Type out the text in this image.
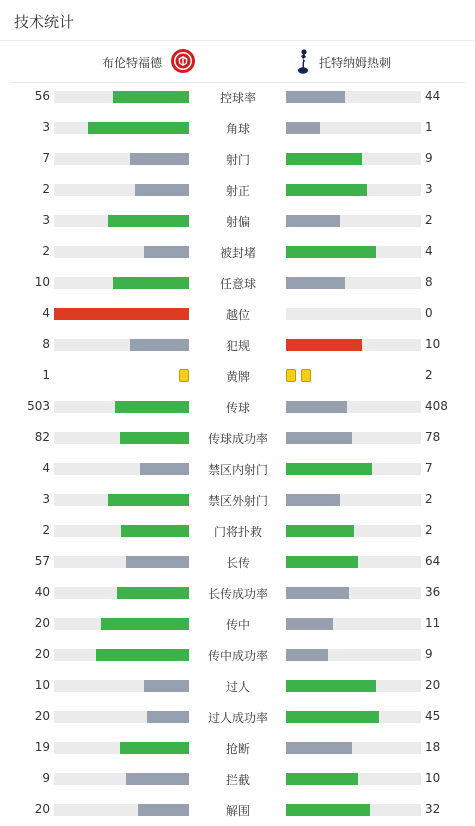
技术统计
布伦特福德	托特纳姆热刺
56	控球率	44
3	角球	1
7	射门	9
2	射正	3
3	射偏	2
2	被封堵	4
10	任意球	8
4	越位	0
8	犯规	10
1	黄牌	2
503	传球	408
82	传球成功率	78
4	禁区内射门	7
3	禁区外射门	2
2	门将扑救	2
57	长传	64
40	长传成功率	36
20	传中	11
20	传中成功率	9
10	过人	20
20	过人成功率	45
19	抢断	18
9	拦截	10
20	解围	32
